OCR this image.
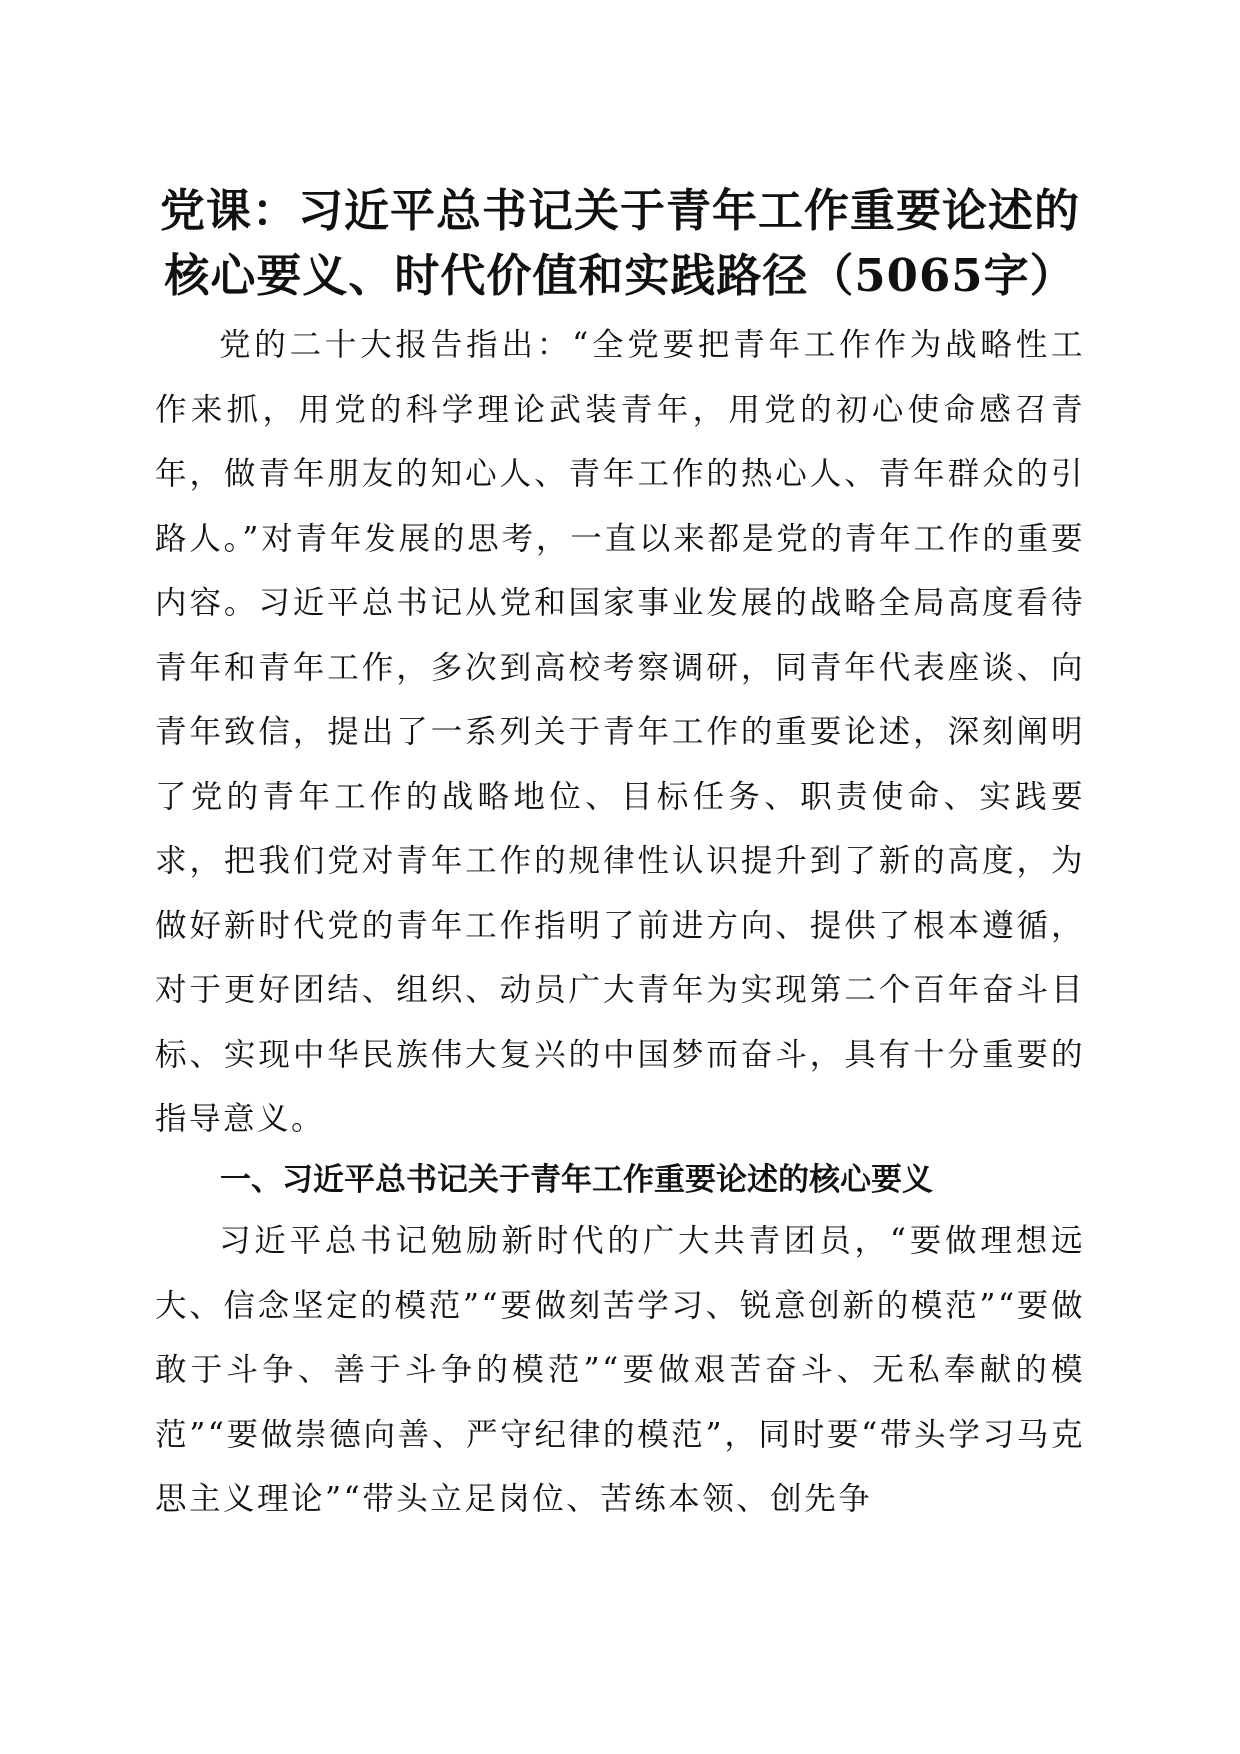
党课：习近平总书记关于青年工作重要论述的
核心要义、时代价值和实践路径（5065字）

党的二十大报告指出：“全党要把青年工作作为战略性工作来抓，用党的科学理论武装青年，用党的初心使命感召青年，做青年朋友的知心人、青年工作的热心人、青年群众的引路人。”对青年发展的思考，一直以来都是党的青年工作的重要内容。习近平总书记从党和国家事业发展的战略全局高度看待青年和青年工作，多次到高校考察调研，同青年代表座谈、向青年致信，提出了一系列关于青年工作的重要论述，深刻阐明了党的青年工作的战略地位、目标任务、职责使命、实践要求，把我们党对青年工作的规律性认识提升到了新的高度，为做好新时代党的青年工作指明了前进方向、提供了根本遵循，对于更好团结、组织、动员广大青年为实现第二个百年奋斗目标、实现中华民族伟大复兴的中国梦而奋斗，具有十分重要的指导意义。

一、习近平总书记关于青年工作重要论述的核心要义

习近平总书记勉励新时代的广大共青团员，“要做理想远大、信念坚定的模范”“要做刻苦学习、锐意创新的模范”“要做敢于斗争、善于斗争的模范”“要做艰苦奋斗、无私奉献的模范”“要做崇德向善、严守纪律的模范”，同时要“带头学习马克思主义理论”“带头立足岗位、苦练本领、创先争
